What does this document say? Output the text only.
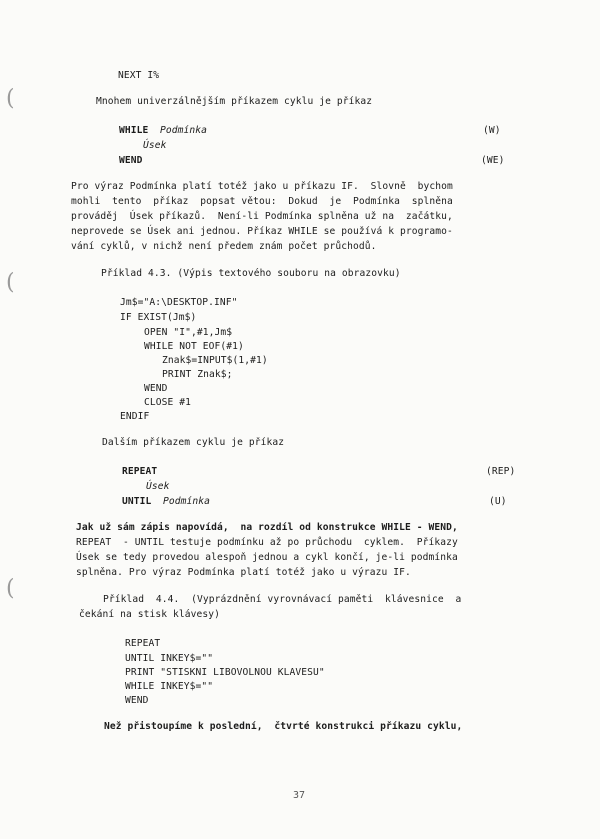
(
(
(
NEXT I%
Mnohem univerzálnějším příkazem cyklu je příkaz
WHILE Podmínka	(W)
Úsek
WEND	(WE)
Pro výraz Podmínka platí totéž jako u příkazu IF.  Slovně  bychom
mohli  tento  příkaz  popsat větou:  Dokud  je  Podmínka  splněna
prováděj  Úsek příkazů.  Není-li Podmínka splněna už na  začátku,
neprovede se Úsek ani jednou. Příkaz WHILE se používá k programo-
vání cyklů, v nichž není předem znám počet průchodů.
Příklad 4.3. (Výpis textového souboru na obrazovku)
Jm$="A:\DESKTOP.INF"
IF EXIST(Jm$)
OPEN "I",#1,Jm$
WHILE NOT EOF(#1)
Znak$=INPUT$(1,#1)
PRINT Znak$;
WEND
CLOSE #1
ENDIF
Dalším příkazem cyklu je příkaz
REPEAT	(REP)
Úsek
UNTIL Podmínka	(U)
Jak už sám zápis napovídá,  na rozdíl od konstrukce WHILE - WEND,
REPEAT  - UNTIL testuje podmínku až po průchodu  cyklem.  Příkazy
Úsek se tedy provedou alespoň jednou a cykl končí, je-li podmínka
splněna. Pro výraz Podmínka platí totéž jako u výrazu IF.
Příklad  4.4.  (Vyprázdnění vyrovnávací paměti  klávesnice  a
čekání na stisk klávesy)
REPEAT
UNTIL INKEY$=""
PRINT "STISKNI LIBOVOLNOU KLAVESU"
WHILE INKEY$=""
WEND
Než přistoupíme k poslední,  čtvrté konstrukci příkazu cyklu,
37
